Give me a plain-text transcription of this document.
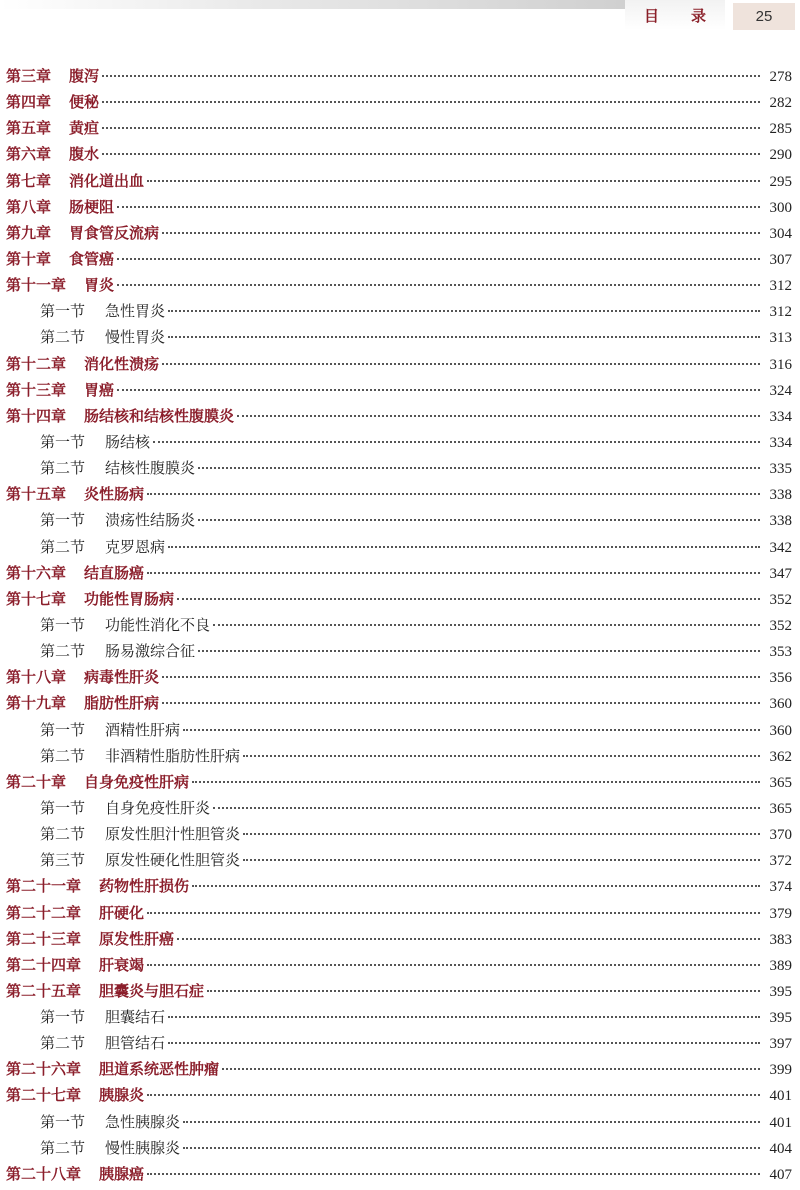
目 录	25
第三章 腹泻	278
第四章 便秘	282
第五章 黄疸	285
第六章 腹水	290
第七章 消化道出血	295
第八章 肠梗阻	300
第九章 胃食管反流病	304
第十章 食管癌	307
第十一章 胃炎	312
第一节 急性胃炎	312
第二节 慢性胃炎	313
第十二章 消化性溃疡	316
第十三章 胃癌	324
第十四章 肠结核和结核性腹膜炎	334
第一节 肠结核	334
第二节 结核性腹膜炎	335
第十五章 炎性肠病	338
第一节 溃疡性结肠炎	338
第二节 克罗恩病	342
第十六章 结直肠癌	347
第十七章 功能性胃肠病	352
第一节 功能性消化不良	352
第二节 肠易激综合征	353
第十八章 病毒性肝炎	356
第十九章 脂肪性肝病	360
第一节 酒精性肝病	360
第二节 非酒精性脂肪性肝病	362
第二十章 自身免疫性肝病	365
第一节 自身免疫性肝炎	365
第二节 原发性胆汁性胆管炎	370
第三节 原发性硬化性胆管炎	372
第二十一章 药物性肝损伤	374
第二十二章 肝硬化	379
第二十三章 原发性肝癌	383
第二十四章 肝衰竭	389
第二十五章 胆囊炎与胆石症	395
第一节 胆囊结石	395
第二节 胆管结石	397
第二十六章 胆道系统恶性肿瘤	399
第二十七章 胰腺炎	401
第一节 急性胰腺炎	401
第二节 慢性胰腺炎	404
第二十八章 胰腺癌	407
